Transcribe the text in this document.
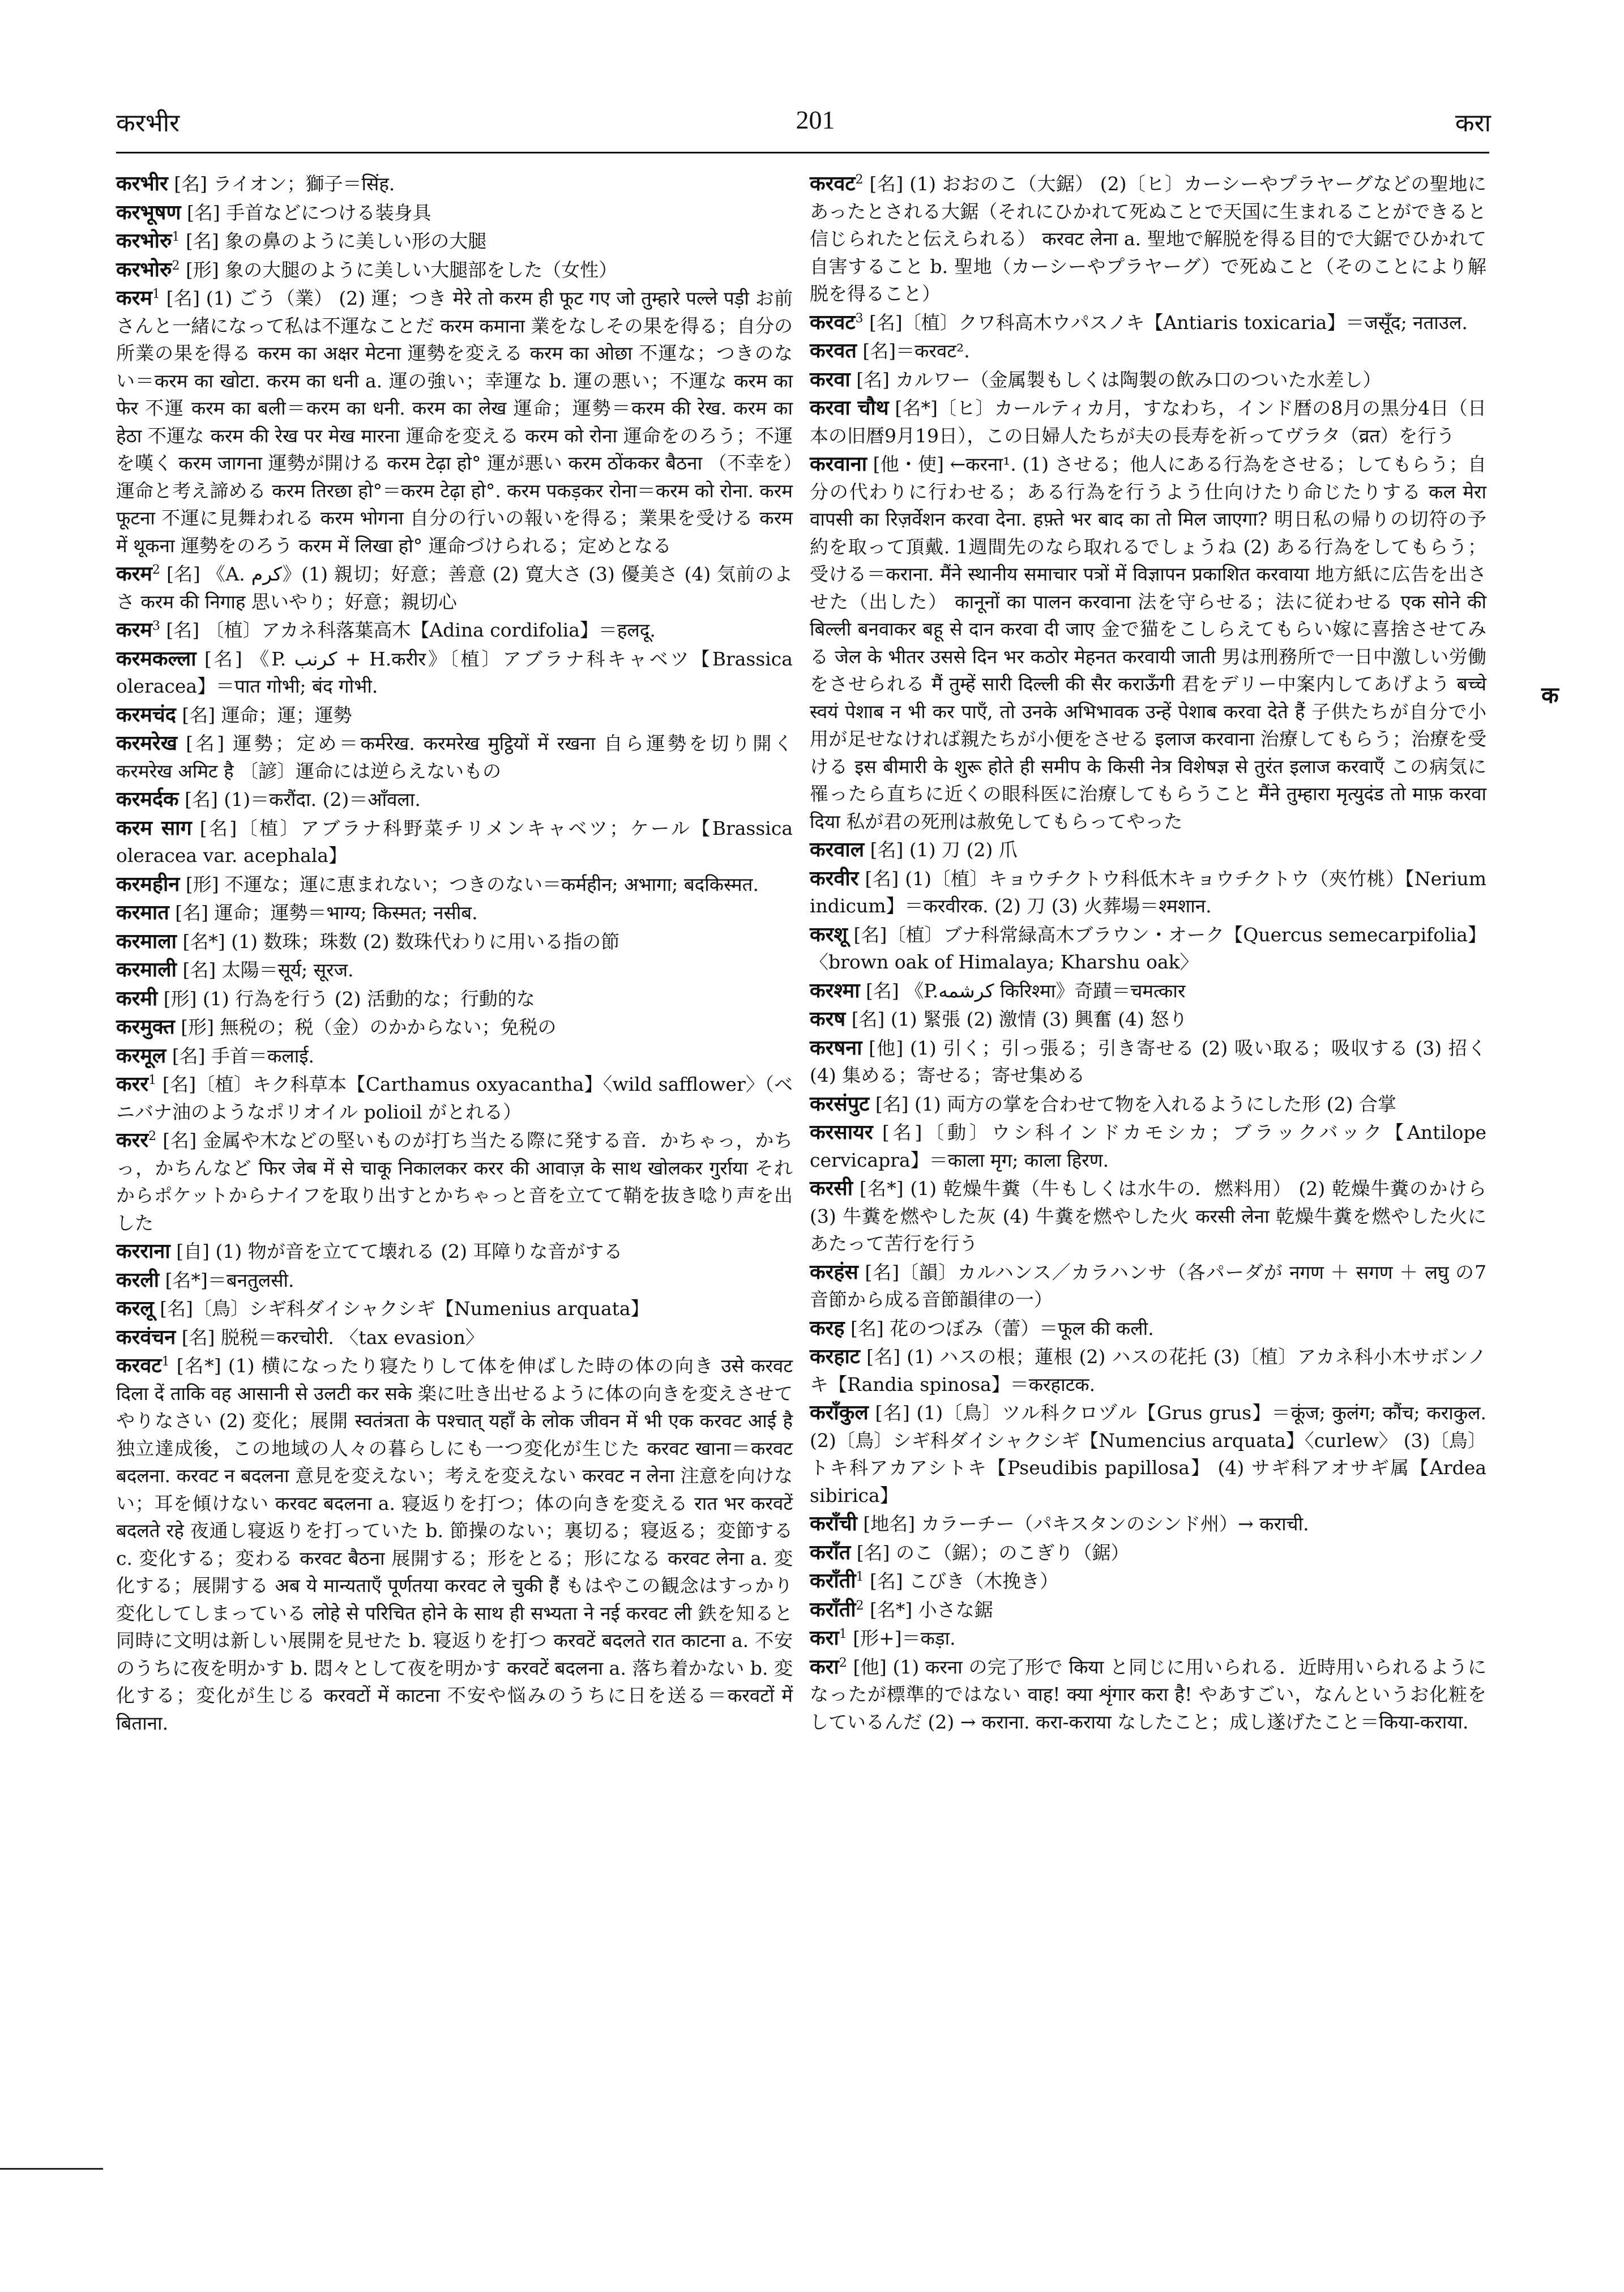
करभीर	201	करा

करभीर [名] ライオン；獅子＝सिंह.

करभूषण [名] 手首などにつける装身具

करभोरु$^1$ [名] 象の鼻のように美しい形の大腿

करभोरु$^2$ [形] 象の大腿のように美しい大腿部をした（女性）

करम$^1$ [名] (1) ごう（業） (2) 運；つき मेरे तो करम ही फूट गए जो तुम्हारे पल्ले पड़ी お前さんと一緒になって私は不運なことだ करम कमाना 業をなしその果を得る；自分の所業の果を得る करम का अक्षर मेटना 運勢を変える करम का ओछा 不運な；つきのない＝करम का खोटा. करम का धनी a. 運の強い；幸運な b. 運の悪い；不運な करम का फेर 不運 करम का बली＝करम का धनी. करम का लेख 運命；運勢＝करम की रेख. करम का हेठा 不運な करम की रेख पर मेख मारना 運命を変える करम को रोना 運命をのろう；不運を嘆く करम जागना 運勢が開ける करम टेढ़ा हो° 運が悪い करम ठोंककर बैठना （不幸を）運命と考え諦める करम तिरछा हो°＝करम टेढ़ा हो°. करम पकड़कर रोना＝करम को रोना. करम फूटना 不運に見舞われる करम भोगना 自分の行いの報いを得る；業果を受ける करम में थूकना 運勢をのろう करम में लिखा हो° 運命づけられる；定めとなる

करम$^2$ [名] 《A. كرم》(1) 親切；好意；善意 (2) 寛大さ (3) 優美さ (4) 気前のよさ करम की निगाह 思いやり；好意；親切心

करम$^3$ [名] 〔植〕アカネ科落葉高木【Adina cordifolia】＝हलदू.

करमकल्ला [名] 《P. كرنب + H.करीर》〔植〕アブラナ科キャベツ【Brassica oleracea】＝पात गोभी; बंद गोभी.

करमचंद [名] 運命；運；運勢

करमरेख [名] 運勢；定め＝कर्मरेख. करमरेख मुट्ठियों में रखना 自ら運勢を切り開く करमरेख अमिट है 〔諺〕運命には逆らえないもの

करमर्दक [名] (1)＝करौंदा. (2)＝आँवला.

करम साग [名]〔植〕アブラナ科野菜チリメンキャベツ；ケール【Brassica oleracea var. acephala】

करमहीन [形] 不運な；運に恵まれない；つきのない＝कर्महीन; अभागा; बदकिस्मत.

करमात [名] 運命；運勢＝भाग्य; किस्मत; नसीब.

करमाला [名*] (1) 数珠；珠数 (2) 数珠代わりに用いる指の節

करमाली [名] 太陽＝सूर्य; सूरज.

करमी [形] (1) 行為を行う (2) 活動的な；行動的な

करमुक्त [形] 無税の；税（金）のかからない；免税の

करमूल [名] 手首＝कलाई.

करर$^1$ [名]〔植〕キク科草本【Carthamus oxyacantha】〈wild safflower〉（ベニバナ油のようなポリオイル polioil がとれる）

करर$^2$ [名] 金属や木などの堅いものが打ち当たる際に発する音．かちゃっ，かちっ，かちんなど फिर जेब में से चाकू निकालकर करर की आवाज़ के साथ खोलकर गुर्राया それからポケットからナイフを取り出すとかちゃっと音を立てて鞘を抜き唸り声を出した

करराना [自] (1) 物が音を立てて壊れる (2) 耳障りな音がする

करली [名*]＝बनतुलसी.

करलू [名]〔鳥〕シギ科ダイシャクシギ【Numenius arquata】

करवंचन [名] 脱税＝करचोरी. 〈tax evasion〉

करवट$^1$ [名*] (1) 横になったり寝たりして体を伸ばした時の体の向き उसे करवट दिला दें ताकि वह आसानी से उलटी कर सके 楽に吐き出せるように体の向きを変えさせてやりなさい (2) 変化；展開 स्वतंत्रता के पश्चात् यहाँ के लोक जीवन में भी एक करवट आई है 独立達成後，この地域の人々の暮らしにも一つ変化が生じた करवट खाना＝करवट बदलना. करवट न बदलना 意見を変えない；考えを変えない करवट न लेना 注意を向けない；耳を傾けない करवट बदलना a. 寝返りを打つ；体の向きを変える रात भर करवटें बदलते रहे 夜通し寝返りを打っていた b. 節操のない；裏切る；寝返る；変節する c. 変化する；変わる करवट बैठना 展開する；形をとる；形になる करवट लेना a. 変化する；展開する अब ये मान्यताएँ पूर्णतया करवट ले चुकी हैं もはやこの観念はすっかり変化してしまっている लोहे से परिचित होने के साथ ही सभ्यता ने नई करवट ली 鉄を知ると同時に文明は新しい展開を見せた b. 寝返りを打つ करवटें बदलते रात काटना a. 不安のうちに夜を明かす b. 悶々として夜を明かす करवटें बदलना a. 落ち着かない b. 変化する；変化が生じる करवटों में काटना 不安や悩みのうちに日を送る＝करवटों में बिताना.

करवट$^2$ [名] (1) おおのこ（大鋸） (2)〔ヒ〕カーシーやプラヤーグなどの聖地にあったとされる大鋸（それにひかれて死ぬことで天国に生まれることができると信じられたと伝えられる） करवट लेना a. 聖地で解脱を得る目的で大鋸でひかれて自害すること b. 聖地（カーシーやプラヤーグ）で死ぬこと（そのことにより解脱を得ること）

करवट$^3$ [名]〔植〕クワ科高木ウパスノキ【Antiaris toxicaria】＝जसूँद; नताउल.

करवत [名]＝करवट².

करवा [名] カルワー（金属製もしくは陶製の飲み口のついた水差し）

करवा चौथ [名*]〔ヒ〕カールティカ月，すなわち，インド暦の8月の黒分4日（日本の旧暦9月19日），この日婦人たちが夫の長寿を祈ってヴラタ（व्रत）を行う

करवाना [他・使] ←करना¹. (1) させる；他人にある行為をさせる；してもらう；自分の代わりに行わせる；ある行為を行うよう仕向けたり命じたりする कल मेरा वापसी का रिज़र्वेशन करवा देना. हफ़्ते भर बाद का तो मिल जाएगा? 明日私の帰りの切符の予約を取って頂戴. 1週間先のなら取れるでしょうね (2) ある行為をしてもらう；受ける＝कराना. मैंने स्थानीय समाचार पत्रों में विज्ञापन प्रकाशित करवाया 地方紙に広告を出させた（出した） कानूनों का पालन करवाना 法を守らせる；法に従わせる एक सोने की बिल्ली बनवाकर बहू से दान करवा दी जाए 金で猫をこしらえてもらい嫁に喜捨させてみる जेल के भीतर उससे दिन भर कठोर मेहनत करवायी जाती 男は刑務所で一日中激しい労働をさせられる मैं तुम्हें सारी दिल्ली की सैर कराऊँगी 君をデリー中案内してあげよう बच्चे स्वयं पेशाब न भी कर पाएँ, तो उनके अभिभावक उन्हें पेशाब करवा देते हैं 子供たちが自分で小用が足せなければ親たちが小便をさせる इलाज करवाना 治療してもらう；治療を受ける इस बीमारी के शुरू होते ही समीप के किसी नेत्र विशेषज्ञ से तुरंत इलाज करवाएँ この病気に罹ったら直ちに近くの眼科医に治療してもらうこと मैंने तुम्हारा मृत्युदंड तो माफ़ करवा दिया 私が君の死刑は赦免してもらってやった

करवाल [名] (1) 刀 (2) 爪

करवीर [名] (1)〔植〕キョウチクトウ科低木キョウチクトウ（夾竹桃）【Nerium indicum】＝करवीरक. (2) 刀 (3) 火葬場＝श्मशान.

करशू [名]〔植〕ブナ科常緑高木ブラウン・オーク【Quercus semecarpifolia】〈brown oak of Himalaya; Kharshu oak〉

करश्मा [名] 《P.کرشمه किरिश्मा》奇蹟＝चमत्कार

करष [名] (1) 緊張 (2) 激情 (3) 興奮 (4) 怒り

करषना [他] (1) 引く；引っ張る；引き寄せる (2) 吸い取る；吸収する (3) 招く (4) 集める；寄せる；寄せ集める

करसंपुट [名] (1) 両方の掌を合わせて物を入れるようにした形 (2) 合掌

करसायर [名]〔動〕ウシ科インドカモシカ；ブラックバック【Antilope cervicapra】＝काला मृग; काला हिरण.

करसी [名*] (1) 乾燥牛糞（牛もしくは水牛の．燃料用） (2) 乾燥牛糞のかけら (3) 牛糞を燃やした灰 (4) 牛糞を燃やした火 करसी लेना 乾燥牛糞を燃やした火にあたって苦行を行う

करहंस [名]〔韻〕カルハンス／カラハンサ（各パーダが नगण ＋ सगण ＋ लघु の7音節から成る音節韻律の一）

करह [名] 花のつぼみ（蕾）＝फूल की कली.

करहाट [名] (1) ハスの根；蓮根 (2) ハスの花托 (3)〔植〕アカネ科小木サボンノキ【Randia spinosa】＝करहाटक.

कराँकुल [名] (1)〔鳥〕ツル科クロヅル【Grus grus】＝कूंज; कुलंग; कौंच; कराकुल. (2)〔鳥〕シギ科ダイシャクシギ【Numencius arquata】〈curlew〉 (3)〔鳥〕トキ科アカアシトキ【Pseudibis papillosa】 (4) サギ科アオサギ属【Ardea sibirica】

कराँची [地名] カラーチー（パキスタンのシンド州）→ कराची.

कराँत [名] のこ（鋸）；のこぎり（鋸）

कराँती$^1$ [名] こびき（木挽き）

कराँती$^2$ [名*] 小さな鋸

करा$^1$ [形+]＝कड़ा.

करा$^2$ [他] (1) करना の完了形で किया と同じに用いられる．近時用いられるようになったが標準的ではない वाह! क्या शृंगार करा है! やあすごい，なんというお化粧をしているんだ (2) → कराना. करा-कराया なしたこと；成し遂げたこと＝किया-कराया.

क
